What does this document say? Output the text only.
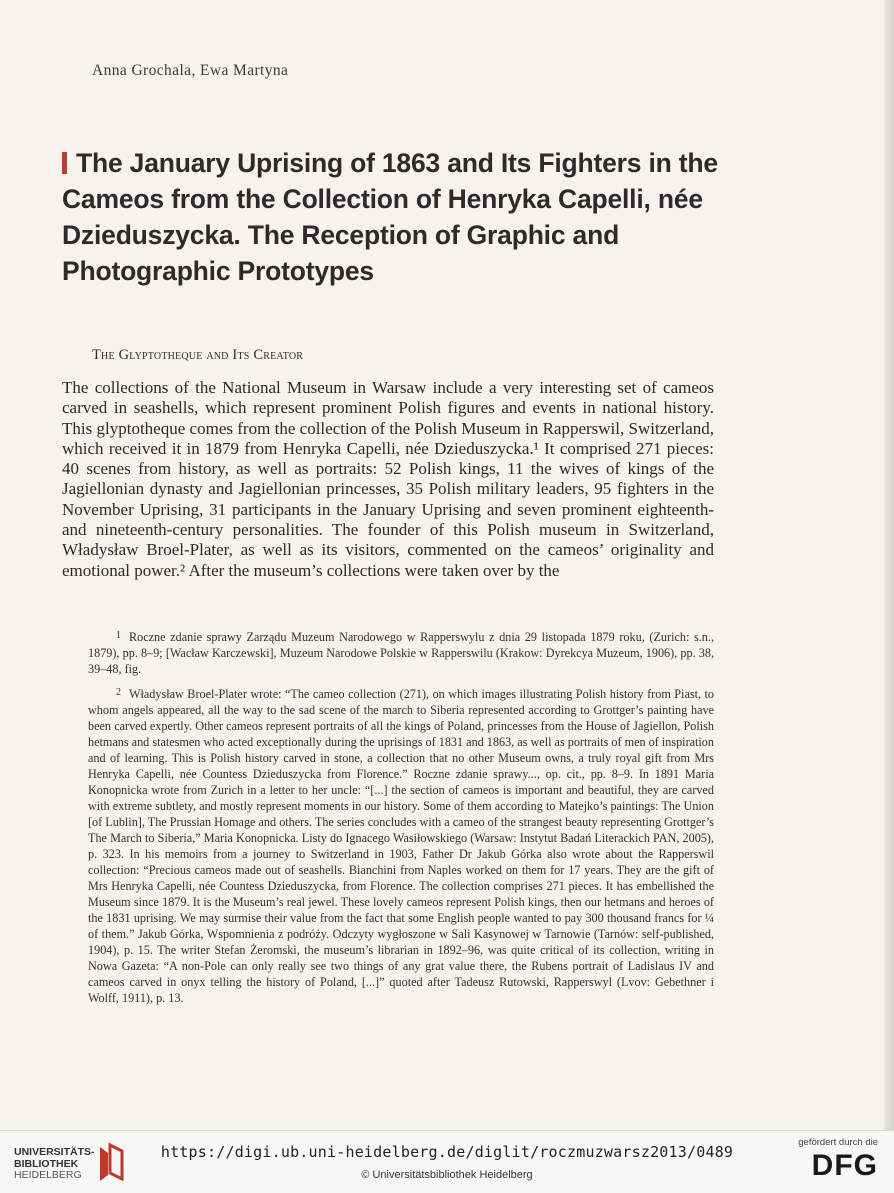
Anna Grochala, Ewa Martyna
The January Uprising of 1863 and Its Fighters in the Cameos from the Collection of Henryka Capelli, née Dzieduszycka. The Reception of Graphic and Photographic Prototypes
The Glyptotheque and Its Creator

The collections of the National Museum in Warsaw include a very interesting set of cameos carved in seashells, which represent prominent Polish figures and events in national history. This glyptotheque comes from the collection of the Polish Museum in Rapperswil, Switzerland, which received it in 1879 from Henryka Capelli, née Dzieduszycka.¹ It comprised 271 pieces: 40 scenes from history, as well as portraits: 52 Polish kings, 11 the wives of kings of the Jagiellonian dynasty and Jagiellonian princesses, 35 Polish military leaders, 95 fighters in the November Uprising, 31 participants in the January Uprising and seven prominent eighteenth- and nineteenth-century personalities. The founder of this Polish museum in Switzerland, Władysław Broel-Plater, as well as its visitors, commented on the cameos’ originality and emotional power.² After the museum’s collections were taken over by the

$^1$ Roczne zdanie sprawy Zarządu Muzeum Narodowego w Rapperswylu z dnia 29 listopada 1879 roku, (Zurich: s.n., 1879), pp. 8–9; [Wacław Karczewski], Muzeum Narodowe Polskie w Rapperswilu (Krakow: Dyrekcya Muzeum, 1906), pp. 38, 39–48, fig.

$^2$ Władysław Broel-Plater wrote: “The cameo collection (271), on which images illustrating Polish history from Piast, to whom angels appeared, all the way to the sad scene of the march to Siberia represented according to Grottger’s painting have been carved expertly. Other cameos represent portraits of all the kings of Poland, princesses from the House of Jagiellon, Polish hetmans and statesmen who acted exceptionally during the uprisings of 1831 and 1863, as well as portraits of men of inspiration and of learning. This is Polish history carved in stone, a collection that no other Museum owns, a truly royal gift from Mrs Henryka Capelli, née Countess Dzieduszycka from Florence.” Roczne zdanie sprawy..., op. cit., pp. 8–9. In 1891 Maria Konopnicka wrote from Zurich in a letter to her uncle: “[...] the section of cameos is important and beautiful, they are carved with extreme subtlety, and mostly represent moments in our history. Some of them according to Matejko’s paintings: The Union [of Lublin], The Prussian Homage and others. The series concludes with a cameo of the strangest beauty representing Grottger’s The March to Siberia,” Maria Konopnicka. Listy do Ignacego Wasiłowskiego (Warsaw: Instytut Badań Literackich PAN, 2005), p. 323. In his memoirs from a journey to Switzerland in 1903, Father Dr Jakub Górka also wrote about the Rapperswil collection: “Precious cameos made out of seashells. Bianchini from Naples worked on them for 17 years. They are the gift of Mrs Henryka Capelli, née Countess Dzieduszycka, from Florence. The collection comprises 271 pieces. It has embellished the Museum since 1879. It is the Museum’s real jewel. These lovely cameos represent Polish kings, then our hetmans and heroes of the 1831 uprising. We may surmise their value from the fact that some English people wanted to pay 300 thousand francs for ¼ of them.” Jakub Górka, Wspomnienia z podróży. Odczyty wygłoszone w Sali Kasynowej w Tarnowie (Tarnów: self-published, 1904), p. 15. The writer Stefan Żeromski, the museum’s librarian in 1892–96, was quite critical of its collection, writing in Nowa Gazeta: “A non-Pole can only really see two things of any grat value there, the Rubens portrait of Ladislaus IV and cameos carved in onyx telling the history of Poland, [...]” quoted after Tadeusz Rutowski, Rapperswyl (Lvov: Gebethner i Wolff, 1911), p. 13.

UNIVERSITÄTS-
BIBLIOTHEK
HEIDELBERG
https://digi.ub.uni-heidelberg.de/diglit/roczmuzwarsz2013/0489
© Universitätsbibliothek Heidelberg
gefördert durch die
DFG
